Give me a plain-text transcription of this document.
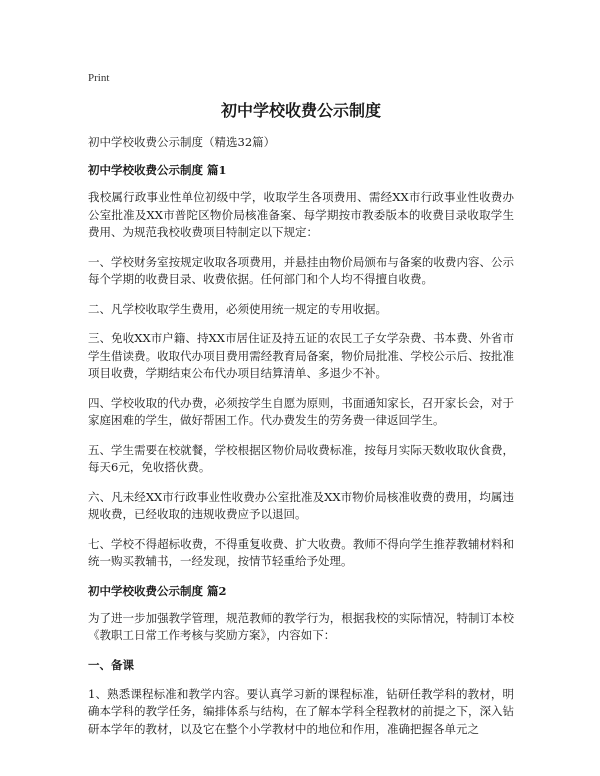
Print
初中学校收费公示制度
初中学校收费公示制度（精选32篇）
初中学校收费公示制度 篇1

我校属行政事业性单位初级中学，收取学生各项费用、需经XX市行政事业性收费办公室批准及XX市普陀区物价局核准备案、每学期按市教委版本的收费目录收取学生费用、为规范我校收费项目特制定以下规定：

一、学校财务室按规定收取各项费用，并悬挂由物价局颁布与备案的收费内容、公示每个学期的收费目录、收费依据。任何部门和个人均不得擅自收费。

二、凡学校收取学生费用，必须使用统一规定的专用收据。

三、免收XX市户籍、持XX市居住证及持五证的农民工子女学杂费、书本费、外省市学生借读费。收取代办项目费用需经教育局备案，物价局批准、学校公示后、按批准项目收费，学期结束公布代办项目结算清单、多退少不补。

四、学校收取的代办费，必须按学生自愿为原则，书面通知家长，召开家长会，对于家庭困难的学生，做好帮困工作。代办费发生的劳务费一律返回学生。

五、学生需要在校就餐，学校根据区物价局收费标准，按每月实际天数收取伙食费，每天6元，免收搭伙费。

六、凡未经XX市行政事业性收费办公室批准及XX市物价局核准收费的费用，均属违规收费，已经收取的违规收费应予以退回。

七、学校不得超标收费，不得重复收费、扩大收费。教师不得向学生推荐教辅材料和统一购买教辅书，一经发现，按情节轻重给予处理。

初中学校收费公示制度 篇2

为了进一步加强教学管理，规范教师的教学行为，根据我校的实际情况，特制订本校《教职工日常工作考核与奖励方案》，内容如下：

一、备课

1、熟悉课程标准和教学内容。要认真学习新的课程标准，钻研任教学科的教材，明确本学科的教学任务，编排体系与结构，在了解本学科全程教材的前提之下，深入钻研本学年的教材，以及它在整个小学教材中的地位和作用，准确把握各单元之
